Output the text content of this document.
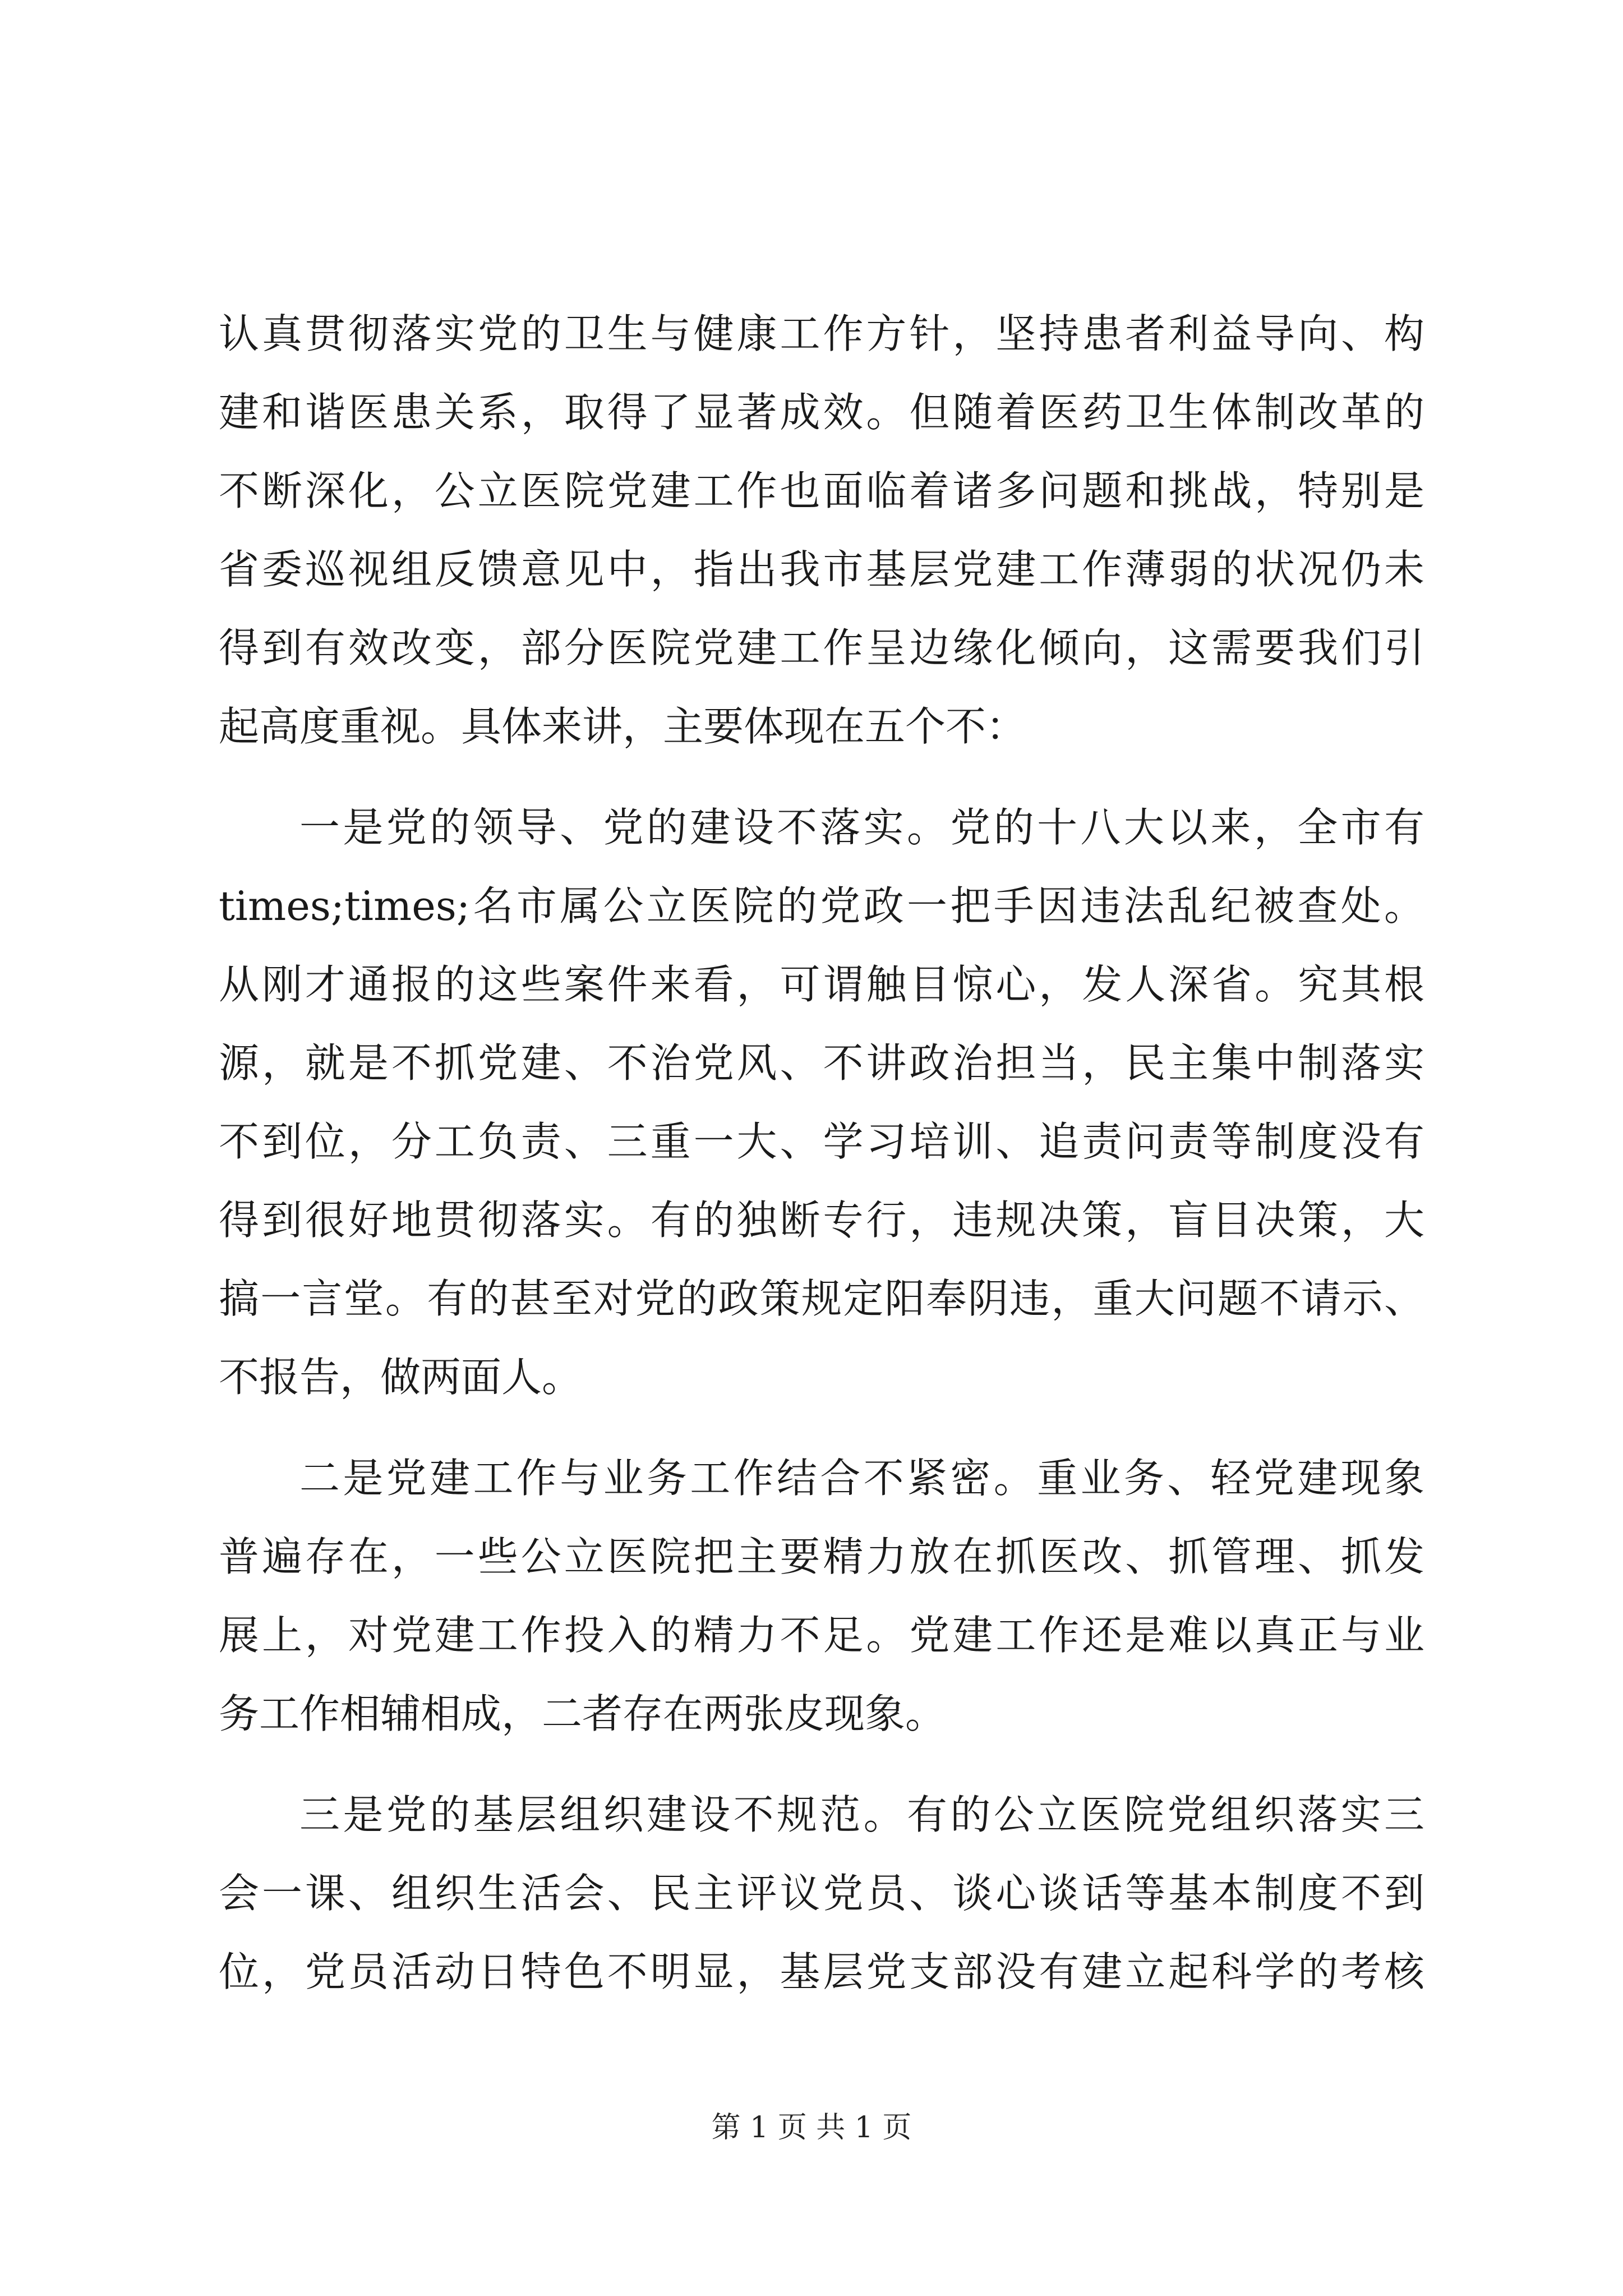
认真贯彻落实党的卫生与健康工作方针，坚持患者利益导向、构
建和谐医患关系，取得了显著成效。但随着医药卫生体制改革的
不断深化，公立医院党建工作也面临着诸多问题和挑战，特别是
省委巡视组反馈意见中，指出我市基层党建工作薄弱的状况仍未
得到有效改变，部分医院党建工作呈边缘化倾向，这需要我们引
起高度重视。具体来讲，主要体现在五个不：
一是党的领导、党的建设不落实。党的十八大以来，全市有
times;times;名市属公立医院的党政一把手因违法乱纪被查处。
从刚才通报的这些案件来看，可谓触目惊心，发人深省。究其根
源，就是不抓党建、不治党风、不讲政治担当，民主集中制落实
不到位，分工负责、三重一大、学习培训、追责问责等制度没有
得到很好地贯彻落实。有的独断专行，违规决策，盲目决策，大
搞一言堂。有的甚至对党的政策规定阳奉阴违，重大问题不请示、
不报告，做两面人。
二是党建工作与业务工作结合不紧密。重业务、轻党建现象
普遍存在，一些公立医院把主要精力放在抓医改、抓管理、抓发
展上，对党建工作投入的精力不足。党建工作还是难以真正与业
务工作相辅相成，二者存在两张皮现象。
三是党的基层组织建设不规范。有的公立医院党组织落实三
会一课、组织生活会、民主评议党员、谈心谈话等基本制度不到
位，党员活动日特色不明显，基层党支部没有建立起科学的考核
第 1 页 共 1 页
